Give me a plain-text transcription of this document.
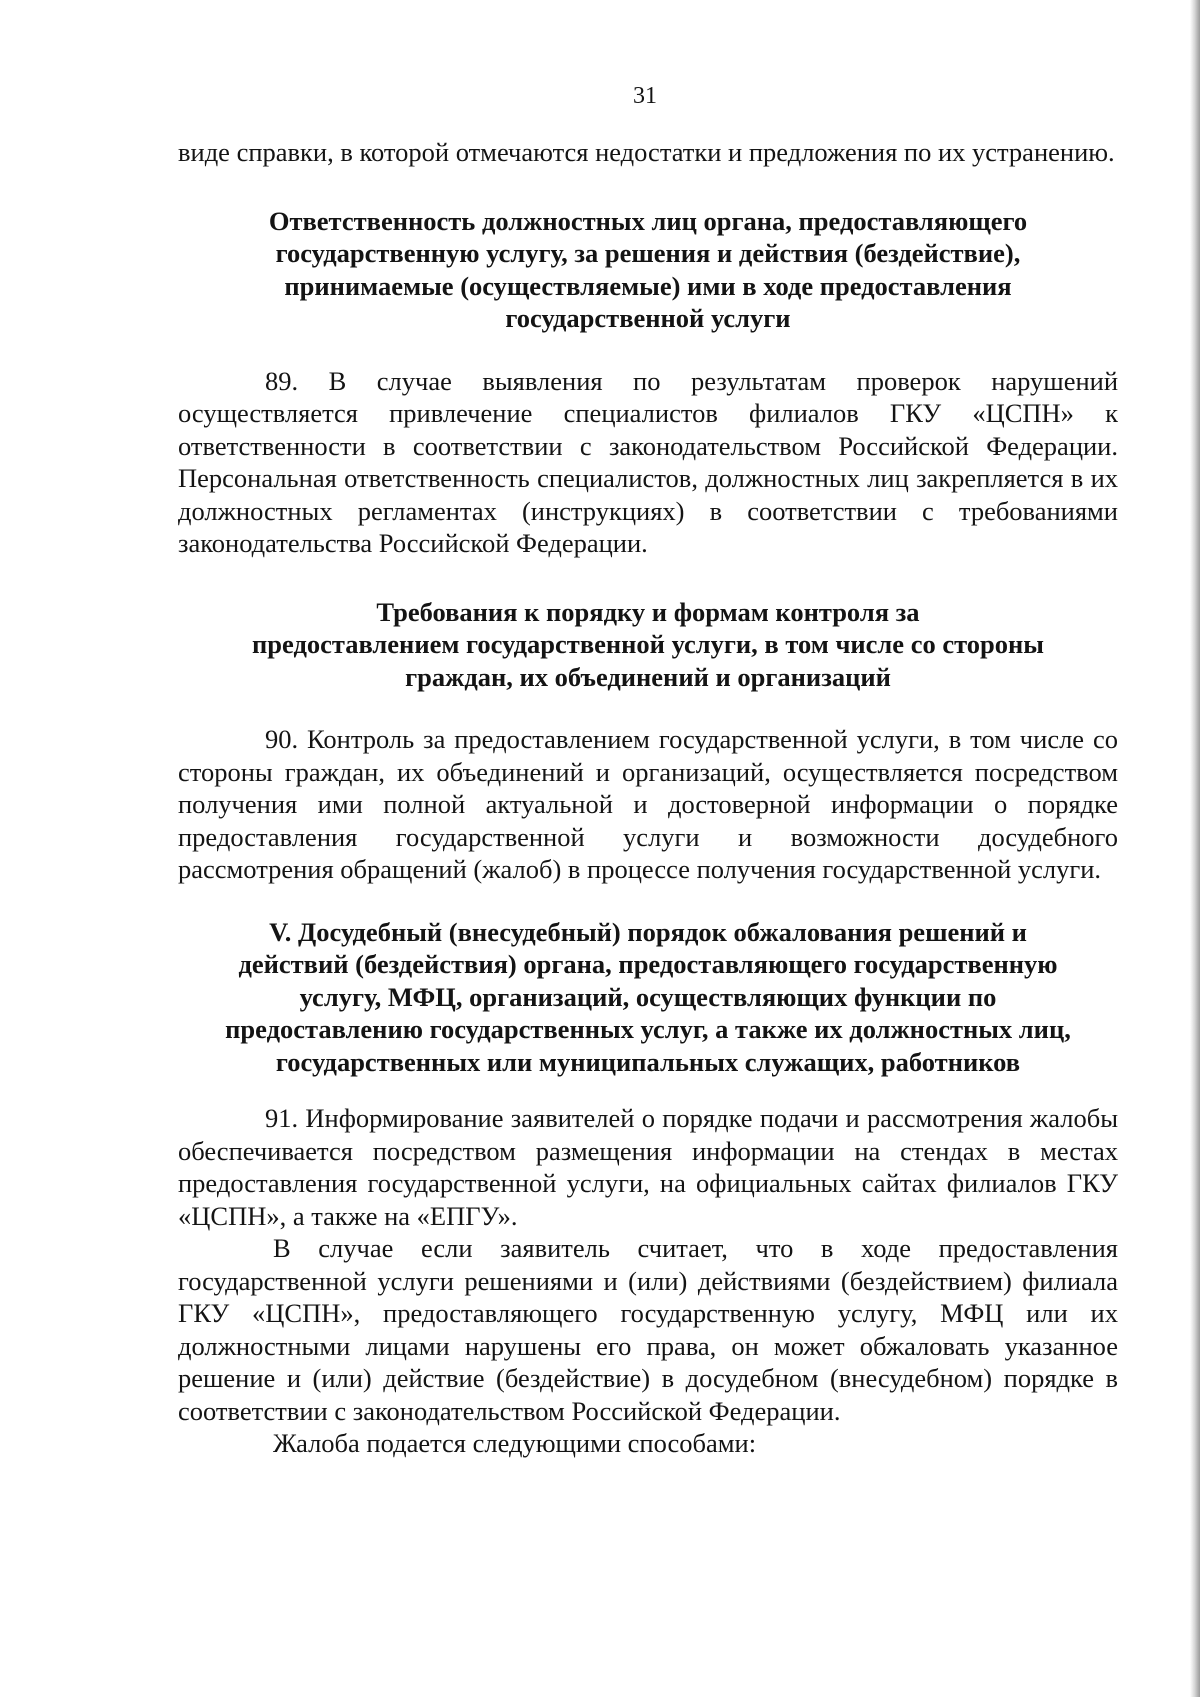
31

виде справки, в которой отмечаются недостатки и предложения по их устранению.

Ответственность должностных лиц органа, предоставляющего
государственную услугу, за решения и действия (бездействие),
принимаемые (осуществляемые) ими в ходе предоставления
государственной услуги

89. В случае выявления по результатам проверок нарушений осуществляется привлечение специалистов филиалов ГКУ «ЦСПН» к ответственности в соответствии с законодательством Российской Федерации. Персональная ответственность специалистов, должностных лиц закрепляется в их должностных регламентах (инструкциях) в соответствии с требованиями законодательства Российской Федерации.

Требования к порядку и формам контроля за
предоставлением государственной услуги, в том числе со стороны
граждан, их объединений и организаций

90. Контроль за предоставлением государственной услуги, в том числе со стороны граждан, их объединений и организаций, осуществляется посредством получения ими полной актуальной и достоверной информации о порядке предоставления государственной услуги и возможности досудебного рассмотрения обращений (жалоб) в процессе получения государственной услуги.

V. Досудебный (внесудебный) порядок обжалования решений и
действий (бездействия) органа, предоставляющего государственную
услугу, МФЦ, организаций, осуществляющих функции по
предоставлению государственных услуг, а также их должностных лиц,
государственных или муниципальных служащих, работников

91. Информирование заявителей о порядке подачи и рассмотрения жалобы обеспечивается посредством размещения информации на стендах в местах предоставления государственной услуги, на официальных сайтах филиалов ГКУ «ЦСПН», а также на «ЕПГУ».

В случае если заявитель считает, что в ходе предоставления государственной услуги решениями и (или) действиями (бездействием) филиала ГКУ «ЦСПН», предоставляющего государственную услугу, МФЦ или их должностными лицами нарушены его права, он может обжаловать указанное решение и (или) действие (бездействие) в досудебном (внесудебном) порядке в соответствии с законодательством Российской Федерации.

Жалоба подается следующими способами:
